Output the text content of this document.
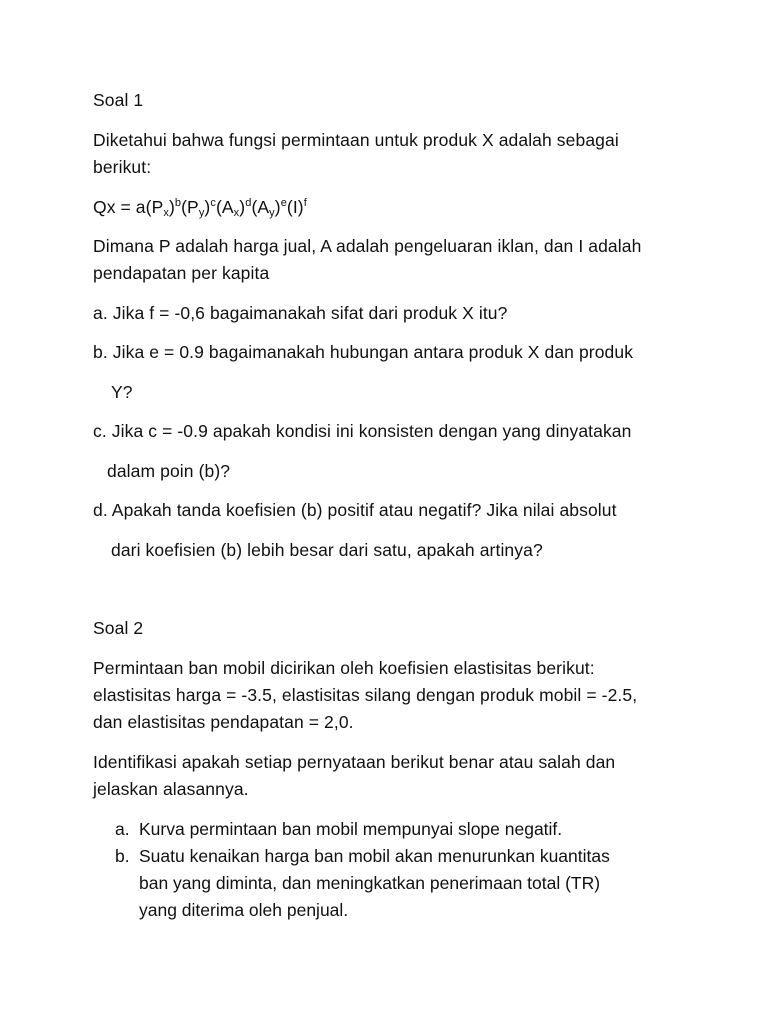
Soal 1
Diketahui bahwa fungsi permintaan untuk produk X adalah sebagai
berikut:
$Qx = a(P_x)^b(P_y)^c(A_x)^d(A_y)^e(I)^f$
Dimana P adalah harga jual, A adalah pengeluaran iklan, dan I adalah
pendapatan per kapita
a. Jika f = -0,6 bagaimanakah sifat dari produk X itu?
b. Jika e = 0.9 bagaimanakah hubungan antara produk X dan produk
Y?
c. Jika c = -0.9 apakah kondisi ini konsisten dengan yang dinyatakan
dalam poin (b)?
d. Apakah tanda koefisien (b) positif atau negatif? Jika nilai absolut
dari koefisien (b) lebih besar dari satu, apakah artinya?
Soal 2
Permintaan ban mobil dicirikan oleh koefisien elastisitas berikut:
elastisitas harga = -3.5, elastisitas silang dengan produk mobil = -2.5,
dan elastisitas pendapatan = 2,0.
Identifikasi apakah setiap pernyataan berikut benar atau salah dan
jelaskan alasannya.
a. Kurva permintaan ban mobil mempunyai slope negatif.
b. Suatu kenaikan harga ban mobil akan menurunkan kuantitas
ban yang diminta, dan meningkatkan penerimaan total (TR)
yang diterima oleh penjual.
